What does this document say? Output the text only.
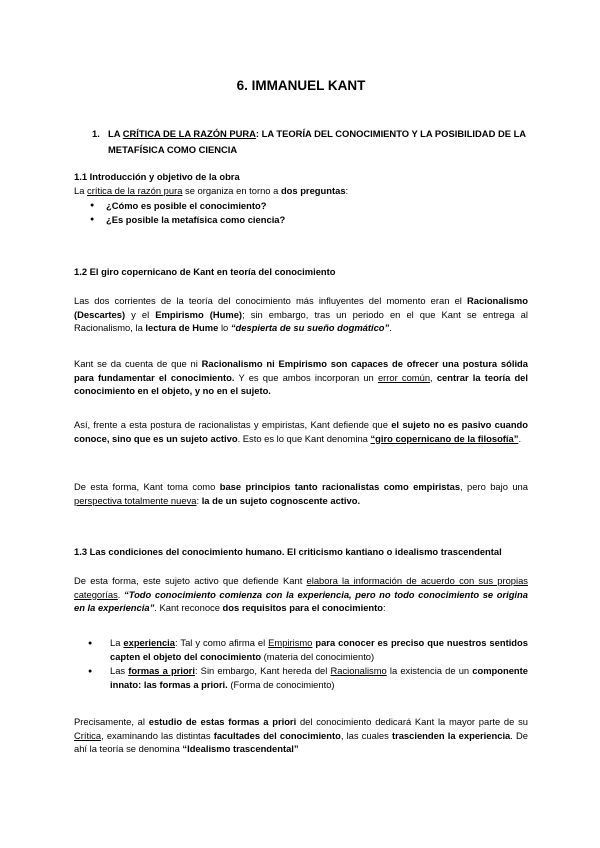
6. IMMANUEL KANT
1. LA CRÍTICA DE LA RAZÓN PURA: LA TEORÍA DEL CONOCIMIENTO Y LA POSIBILIDAD DE LA METAFÍSICA COMO CIENCIA
1.1 Introducción y objetivo de la obra
La crítica de la razón pura se organiza en torno a dos preguntas:
● ¿Cómo es posible el conocimiento?
● ¿Es posible la metafísica como ciencia?
1.2 El giro copernicano de Kant en teoría del conocimiento
Las dos corrientes de la teoría del conocimiento más influyentes del momento eran el Racionalismo (Descartes) y el Empirismo (Hume); sin embargo, tras un periodo en el que Kant se entrega al Racionalismo, la lectura de Hume lo “despierta de su sueño dogmático”.
Kant se da cuenta de que ni Racionalismo ni Empirismo son capaces de ofrecer una postura sólida para fundamentar el conocimiento. Y es que ambos incorporan un error común, centrar la teoría del conocimiento en el objeto, y no en el sujeto.
Así, frente a esta postura de racionalistas y empiristas, Kant defiende que el sujeto no es pasivo cuando conoce, sino que es un sujeto activo. Esto es lo que Kant denomina “giro copernicano de la filosofía”.
De esta forma, Kant toma como base principios tanto racionalistas como empiristas, pero bajo una perspectiva totalmente nueva: la de un sujeto cognoscente activo.
1.3 Las condiciones del conocimiento humano. El criticismo kantiano o idealismo trascendental
De esta forma, este sujeto activo que defiende Kant elabora la información de acuerdo con sus propias categorías. “Todo conocimiento comienza con la experiencia, pero no todo conocimiento se origina en la experiencia”. Kant reconoce dos requisitos para el conocimiento:
● La experiencia: Tal y como afirma el Empirismo para conocer es preciso que nuestros sentidos capten el objeto del conocimiento (materia del conocimiento)
● Las formas a priori: Sin embargo, Kant hereda del Racionalismo la existencia de un componente innato: las formas a priori. (Forma de conocimiento)
Precisamente, al estudio de estas formas a priori del conocimiento dedicará Kant la mayor parte de su Crítica, examinando las distintas facultades del conocimiento, las cuales trascienden la experiencia. De ahí la teoría se denomina “Idealismo trascendental”
